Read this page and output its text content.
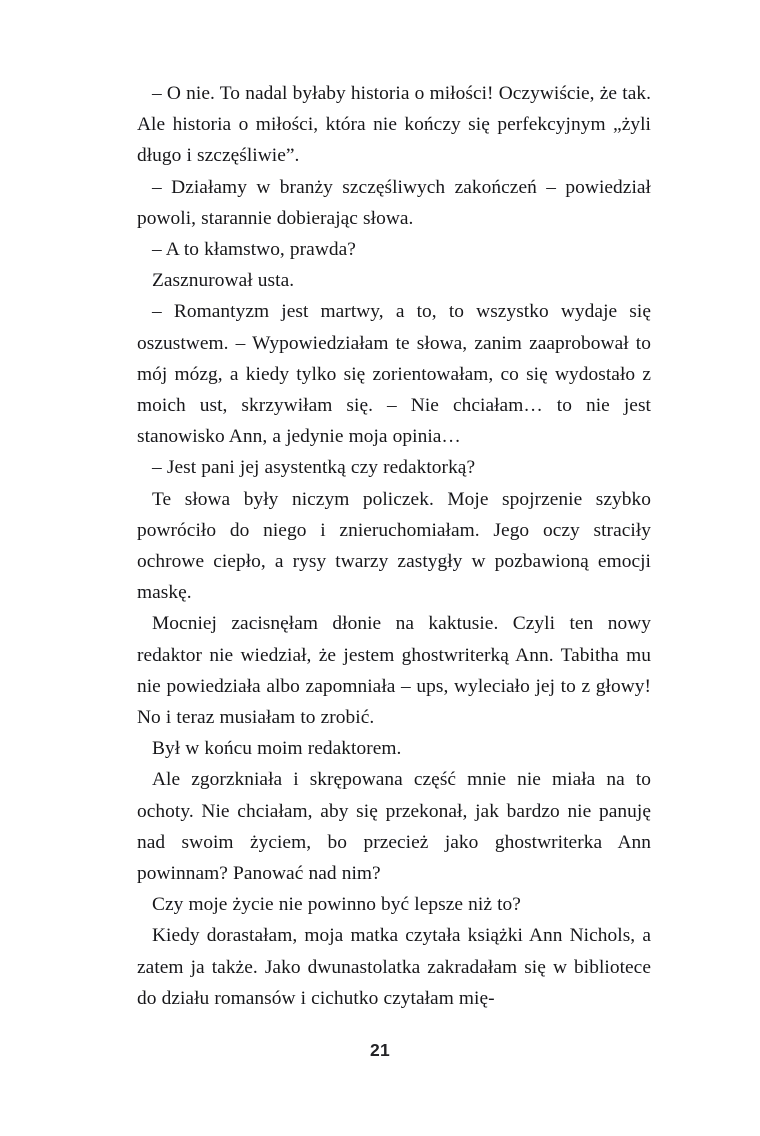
– O nie. To nadal byłaby historia o miłości! Oczywiście, że tak. Ale historia o miłości, która nie kończy się perfekcyjnym „żyli długo i szczęśliwie”.

– Działamy w branży szczęśliwych zakończeń – powiedział powoli, starannie dobierając słowa.

– A to kłamstwo, prawda?

Zasznurował usta.

– Romantyzm jest martwy, a to, to wszystko wydaje się oszustwem. – Wypowiedziałam te słowa, zanim zaaprobował to mój mózg, a kiedy tylko się zorientowałam, co się wydostało z moich ust, skrzywiłam się. – Nie chciałam… to nie jest stanowisko Ann, a jedynie moja opinia…

– Jest pani jej asystentką czy redaktorką?

Te słowa były niczym policzek. Moje spojrzenie szybko powróciło do niego i znieruchomiałam. Jego oczy straciły ochrowe ciepło, a rysy twarzy zastygły w pozbawioną emocji maskę.

Mocniej zacisnęłam dłonie na kaktusie. Czyli ten nowy redaktor nie wiedział, że jestem ghostwriterką Ann. Tabitha mu nie powiedziała albo zapomniała – ups, wyleciało jej to z głowy! No i teraz musiałam to zrobić.

Był w końcu moim redaktorem.

Ale zgorzkniała i skrępowana część mnie nie miała na to ochoty. Nie chciałam, aby się przekonał, jak bardzo nie panuję nad swoim życiem, bo przecież jako ghostwriterka Ann powinnam? Panować nad nim?

Czy moje życie nie powinno być lepsze niż to?

Kiedy dorastałam, moja matka czytała książki Ann Nichols, a zatem ja także. Jako dwunastolatka zakradałam się w bibliotece do działu romansów i cichutko czytałam mię-

21
